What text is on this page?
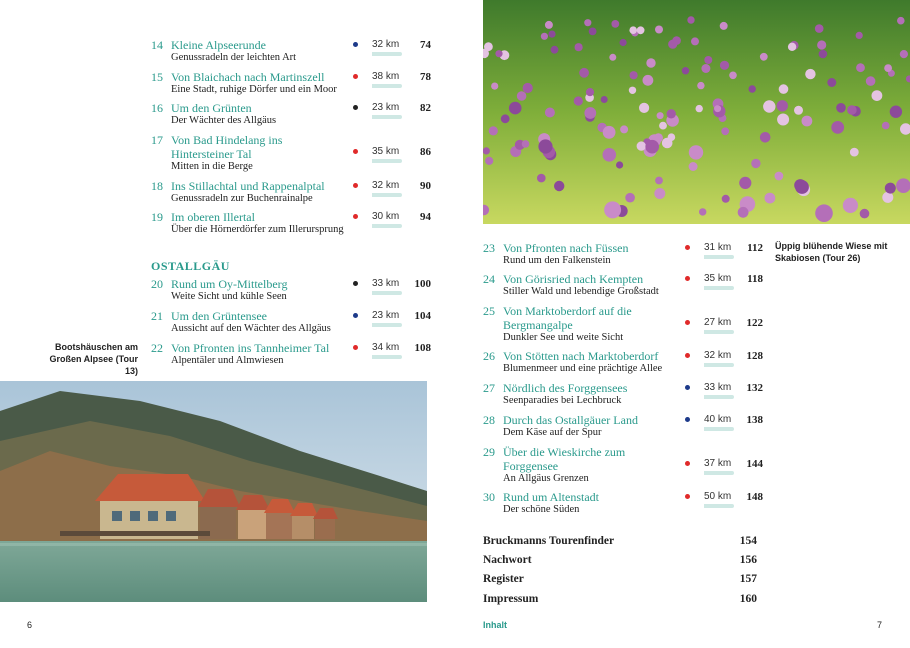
14 Kleine Alpseerunde
Genussradeln der leichten Art
32 km	74
15 Von Blaichach nach Martinszell
Eine Stadt, ruhige Dörfer und ein Moor
38 km	78
16 Um den Grünten
Der Wächter des Allgäus
23 km	82
17 Von Bad Hindelang ins Hintersteiner Tal
Mitten in die Berge
35 km	86
18 Ins Stillachtal und Rappenalptal
Genussradeln zur Buchenrainalpe
32 km	90
19 Im oberen Illertal
Über die Hörnerdörfer zum Illerursprung
30 km	94
OSTALLGÄU
20 Rund um Oy-Mittelberg
Weite Sicht und kühle Seen
33 km	100
21 Um den Grüntensee
Aussicht auf den Wächter des Allgäus
23 km	104
22 Von Pfronten ins Tannheimer Tal
Alpentäler und Almwiesen
34 km	108
Bootshäuschen am Großen Alpsee (Tour 13)
6
Üppig blühende Wiese mit Skabiosen (Tour 26)
Inhalt	7
23 Von Pfronten nach Füssen
Rund um den Falkenstein
31 km	112
24 Von Görisried nach Kempten
Stiller Wald und lebendige Großstadt
35 km	118
25 Von Marktoberdorf auf die Bergmangalpe
Dunkler See und weite Sicht
27 km	122
26 Von Stötten nach Marktoberdorf
Blumenmeer und eine prächtige Allee
32 km	128
27 Nördlich des Forggensees
Seenparadies bei Lechbruck
33 km	132
28 Durch das Ostallgäuer Land
Dem Käse auf der Spur
40 km	138
29 Über die Wieskirche zum Forggensee
An Allgäus Grenzen
37 km	144
30 Rund um Altenstadt
Der schöne Süden
50 km	148
Bruckmanns Tourenfinder	154
Nachwort	156
Register	157
Impressum	160
